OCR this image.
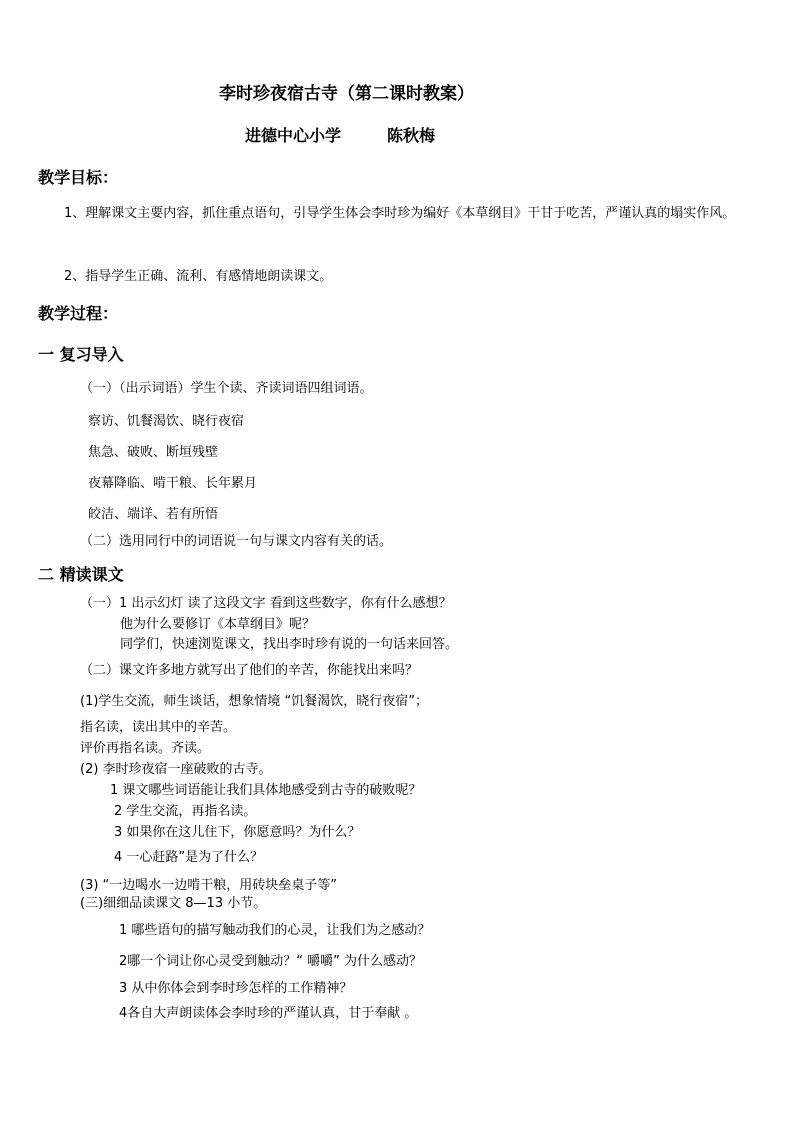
李时珍夜宿古寺（第二课时教案）
进德中心小学	陈秋梅
教学目标：
1、理解课文主要内容，抓住重点语句，引导学生体会李时珍为编好《本草纲目》干甘于吃苦，严谨认真的塌实作风。
2、指导学生正确、流利、有感情地朗读课文。
教学过程：
一 复习导入
（一）（出示词语）学生个读、齐读词语四组词语。
察访、饥餐渴饮、晓行夜宿
焦急、破败、断垣残壁
夜幕降临、啃干粮、长年累月
皎洁、端详、若有所悟
（二）选用同行中的词语说一句与课文内容有关的话。
二 精读课文
（一）1 出示幻灯 读了这段文字 看到这些数字，你有什么感想？
他为什么要修订《本草纲目》呢？
同学们，快速浏览课文，找出李时珍有说的一句话来回答。
（二）课文许多地方就写出了他们的辛苦，你能找出来吗？
(1)学生交流，师生谈话，想象情境 “饥餐渴饮，晓行夜宿”；
指名读，读出其中的辛苦。
评价再指名读。齐读。
(2) 李时珍夜宿一座破败的古寺。
1 课文哪些词语能让我们具体地感受到古寺的破败呢？
2 学生交流，再指名读。
3 如果你在这儿住下，你愿意吗？为什么？
4 一心赶路”是为了什么？
(3) “一边喝水一边啃干粮，用砖块垒桌子等”
(三)细细品读课文 8—13 小节。
1 哪些语句的描写触动我们的心灵，让我们为之感动？
2哪一个词让你心灵受到触动？“ 嚼嚼” 为什么感动？
3 从中你体会到李时珍怎样的工作精神？
4各自大声朗读体会李时珍的严谨认真，甘于奉献 。
